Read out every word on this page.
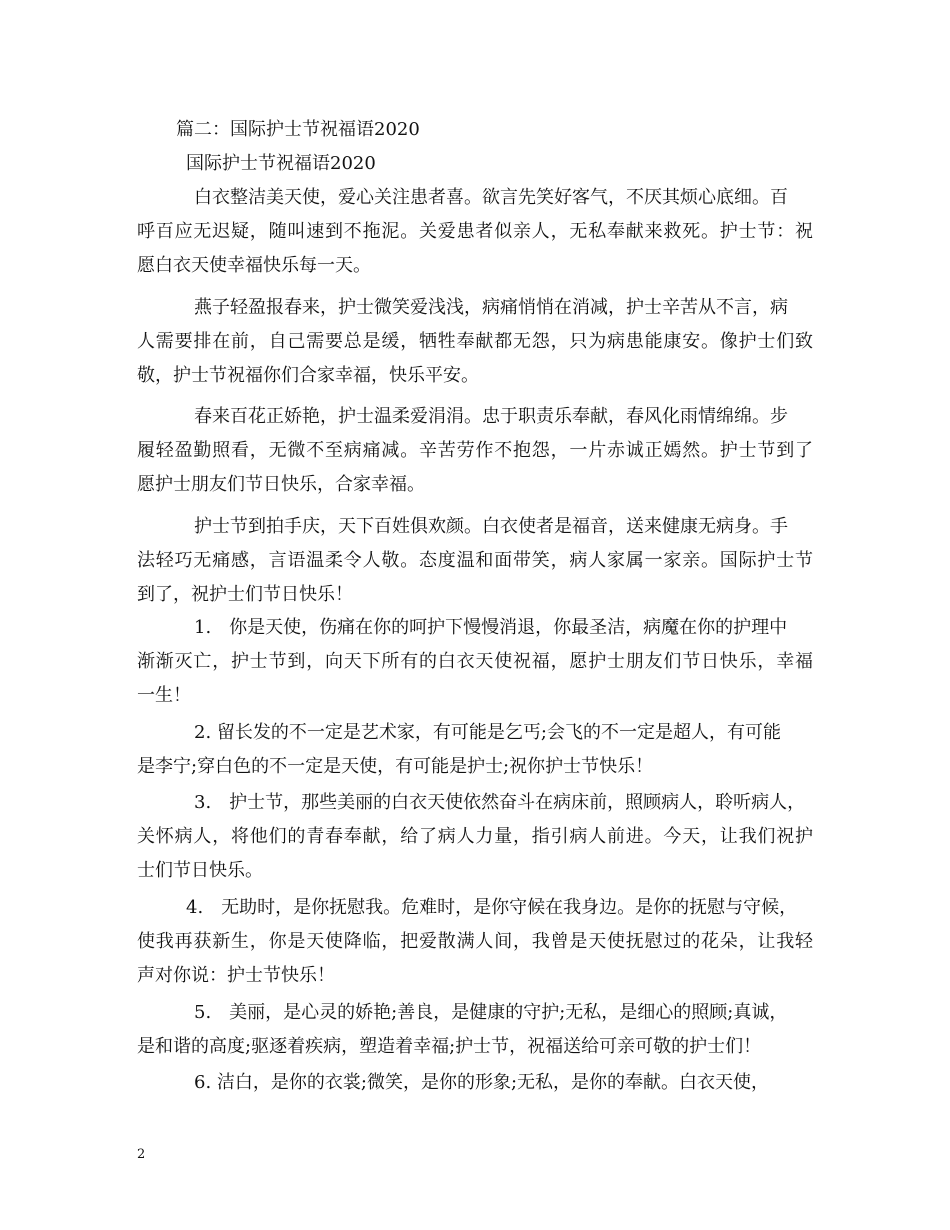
篇二：国际护士节祝福语2020
国际护士节祝福语2020
白衣整洁美天使，爱心关注患者喜。欲言先笑好客气，不厌其烦心底细。百
呼百应无迟疑，随叫速到不拖泥。关爱患者似亲人，无私奉献来救死。护士节：祝
愿白衣天使幸福快乐每一天。
燕子轻盈报春来，护士微笑爱浅浅，病痛悄悄在消减，护士辛苦从不言，病
人需要排在前，自己需要总是缓，牺牲奉献都无怨，只为病患能康安。像护士们致
敬，护士节祝福你们合家幸福，快乐平安。
春来百花正娇艳，护士温柔爱涓涓。忠于职责乐奉献，春风化雨情绵绵。步
履轻盈勤照看，无微不至病痛减。辛苦劳作不抱怨，一片赤诚正嫣然。护士节到了
愿护士朋友们节日快乐，合家幸福。
护士节到拍手庆，天下百姓俱欢颜。白衣使者是福音，送来健康无病身。手
法轻巧无痛感，言语温柔令人敬。态度温和面带笑，病人家属一家亲。国际护士节
到了，祝护士们节日快乐！
1.　你是天使，伤痛在你的呵护下慢慢消退，你最圣洁，病魔在你的护理中
渐渐灭亡，护士节到，向天下所有的白衣天使祝福，愿护士朋友们节日快乐，幸福
一生！
2. 留长发的不一定是艺术家，有可能是乞丐;会飞的不一定是超人，有可能
是李宁;穿白色的不一定是天使，有可能是护士;祝你护士节快乐！
3.　护士节，那些美丽的白衣天使依然奋斗在病床前，照顾病人，聆听病人，
关怀病人，将他们的青春奉献，给了病人力量，指引病人前进。今天，让我们祝护
士们节日快乐。
4.　无助时，是你抚慰我。危难时，是你守候在我身边。是你的抚慰与守候，
使我再获新生，你是天使降临，把爱散满人间，我曾是天使抚慰过的花朵，让我轻
声对你说：护士节快乐！
5.　美丽，是心灵的娇艳;善良，是健康的守护;无私，是细心的照顾;真诚，
是和谐的高度;驱逐着疾病，塑造着幸福;护士节，祝福送给可亲可敬的护士们！
6. 洁白，是你的衣裳;微笑，是你的形象;无私，是你的奉献。白衣天使，
2
